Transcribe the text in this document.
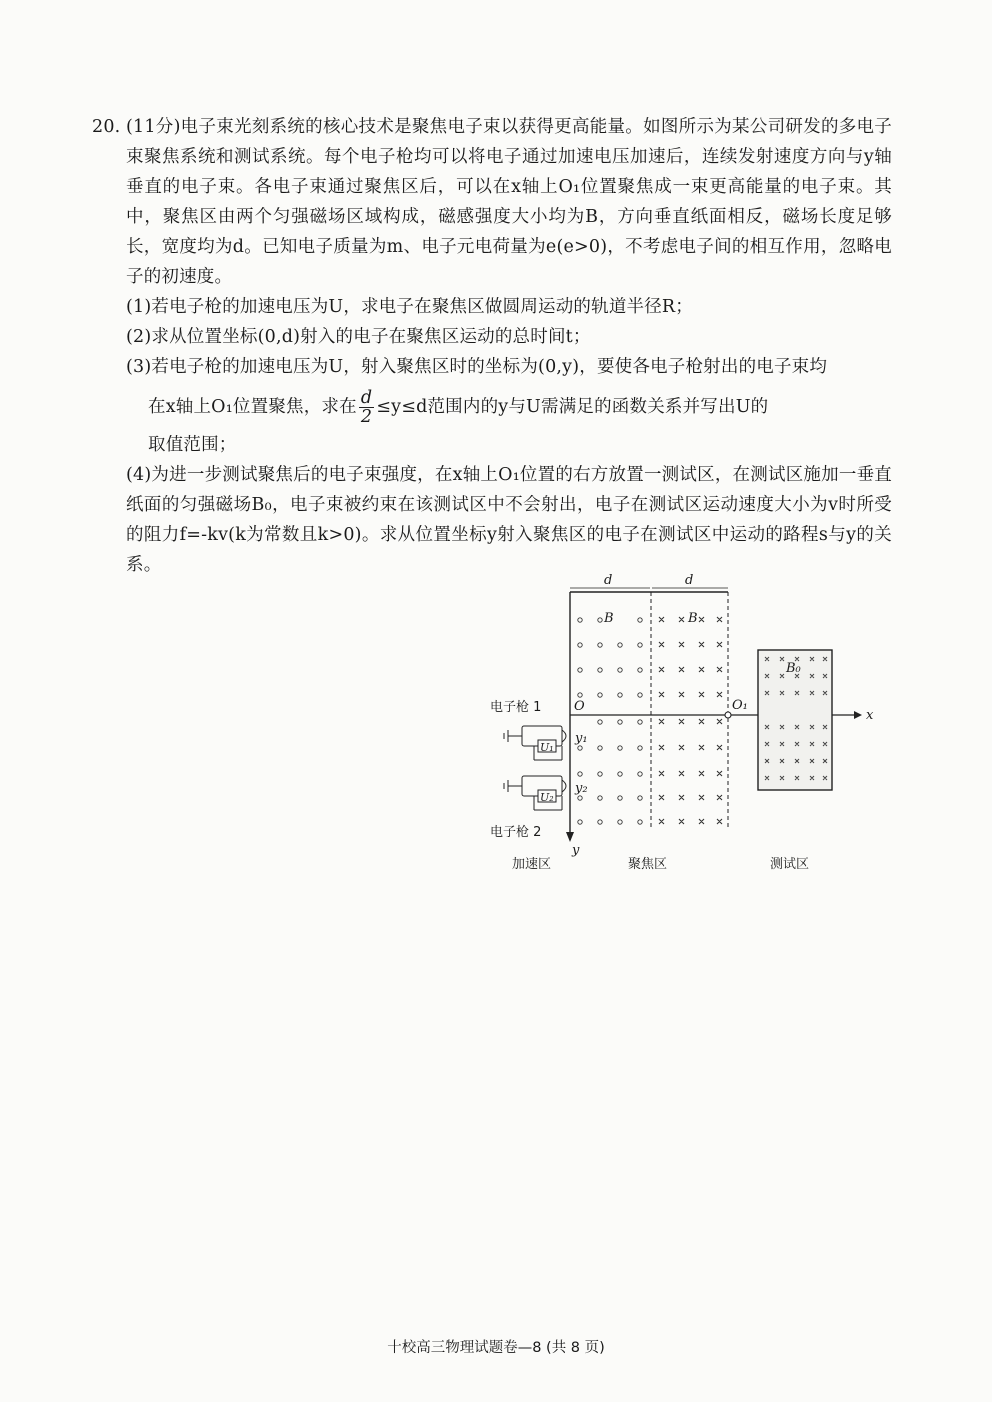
20. (11分)电子束光刻系统的核心技术是聚焦电子束以获得更高能量。如图所示为某公司研发的多电子束聚焦系统和测试系统。每个电子枪均可以将电子通过加速电压加速后，连续发射速度方向与y轴垂直的电子束。各电子束通过聚焦区后，可以在x轴上O₁位置聚焦成一束更高能量的电子束。其中，聚焦区由两个匀强磁场区域构成，磁感强度大小均为B，方向垂直纸面相反，磁场长度足够长，宽度均为d。已知电子质量为m、电子元电荷量为e(e>0)，不考虑电子间的相互作用，忽略电子的初速度。
(1)若电子枪的加速电压为U，求电子在聚焦区做圆周运动的轨道半径R；
(2)求从位置坐标(0,d)射入的电子在聚焦区运动的总时间t；
(3)若电子枪的加速电压为U，射入聚焦区时的坐标为(0,y)，要使各电子枪射出的电子束均
在x轴上O₁位置聚焦，求在 $\frac{d}{2} \le y\le d$范围内的y与U需满足的函数关系并写出U的
取值范围；
(4)为进一步测试聚焦后的电子束强度，在x轴上O₁位置的右方放置一测试区，在测试区施加一垂直纸面的匀强磁场B₀，电子束被约束在该测试区中不会射出，电子在测试区运动速度大小为v时所受的阻力f=-kv(k为常数且k>0)。求从位置坐标y射入聚焦区的电子在测试区中运动的路程s与y的关系。
d	d
B	B
x
O	O₁
y
y₁
y₂
U₁
电子枪 1
U₂
电子枪 2
B₀
加速区	聚焦区	测试区
十校高三物理试题卷—8 (共 8 页)
